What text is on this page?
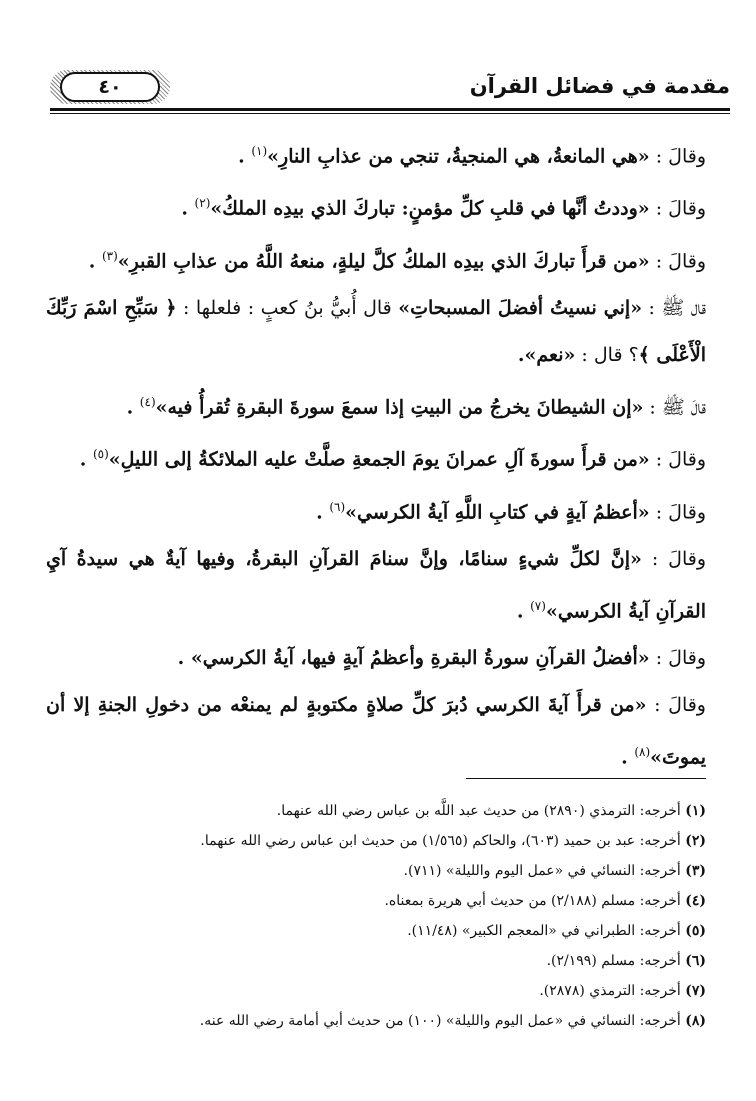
مقدمة في فضائل القرآن
٤٠

وقالَ : «هي المانعةُ، هي المنجيةُ، تنجي من عذابِ النارِ»$^{(١)}$ .

وقالَ : «وددتُ أنَّها في قلبِ كلِّ مؤمنٍ: تباركَ الذي بيدِه الملكُ»$^{(٢)}$ .

وقالَ : «من قرأَ تباركَ الذي بيدِه الملكُ كلَّ ليلةٍ، منعهُ اللَّهُ من عذابِ القبرِ»$^{(٣)}$ .

قال ﷺ : «إني نسيتُ أفضلَ المسبحاتِ» قال أُبيُّ بنُ كعبٍ : فلعلها : ﴿ سَبِّحِ اسْمَ رَبِّكَ الْأَعْلَى ﴾؟ قال : «نعم».

قالَ ﷺ : «إن الشيطانَ يخرجُ من البيتِ إذا سمعَ سورةَ البقرةِ تُقرأُ فيه»$^{(٤)}$ .

وقالَ : «من قرأَ سورةَ آلِ عمرانَ يومَ الجمعةِ صلَّتْ عليه الملائكةُ إلى الليلِ»$^{(٥)}$ .

وقالَ : «أعظمُ آيةٍ في كتابِ اللَّهِ آيةُ الكرسي»$^{(٦)}$ .

وقالَ : «إنَّ لكلِّ شيءٍ سنامًا، وإنَّ سنامَ القرآنِ البقرةُ، وفيها آيةٌ هي سيدةُ آيِ القرآنِ آيةُ الكرسي»$^{(٧)}$ .

وقالَ : «أفضلُ القرآنِ سورةُ البقرةِ وأعظمُ آيةٍ فيها، آيةُ الكرسي» .

وقالَ : «من قرأَ آيةَ الكرسي دُبرَ كلِّ صلاةٍ مكتوبةٍ لم يمنعْه من دخولِ الجنةِ إلا أن يموتَ»$^{(٨)}$ .

(١) أخرجه: الترمذي (٢٨٩٠) من حديث عبد اللَّه بن عباس رضي الله عنهما.
(٢) أخرجه: عبد بن حميد (٦٠٣)، والحاكم (١/٥٦٥) من حديث ابن عباس رضي الله عنهما.
(٣) أخرجه: النسائي في «عمل اليوم والليلة» (٧١١).
(٤) أخرجه: مسلم (٢/١٨٨) من حديث أبي هريرة بمعناه.
(٥) أخرجه: الطبراني في «المعجم الكبير» (١١/٤٨).
(٦) أخرجه: مسلم (٢/١٩٩).
(٧) أخرجه: الترمذي (٢٨٧٨).
(٨) أخرجه: النسائي في «عمل اليوم والليلة» (١٠٠) من حديث أبي أمامة رضي الله عنه.
